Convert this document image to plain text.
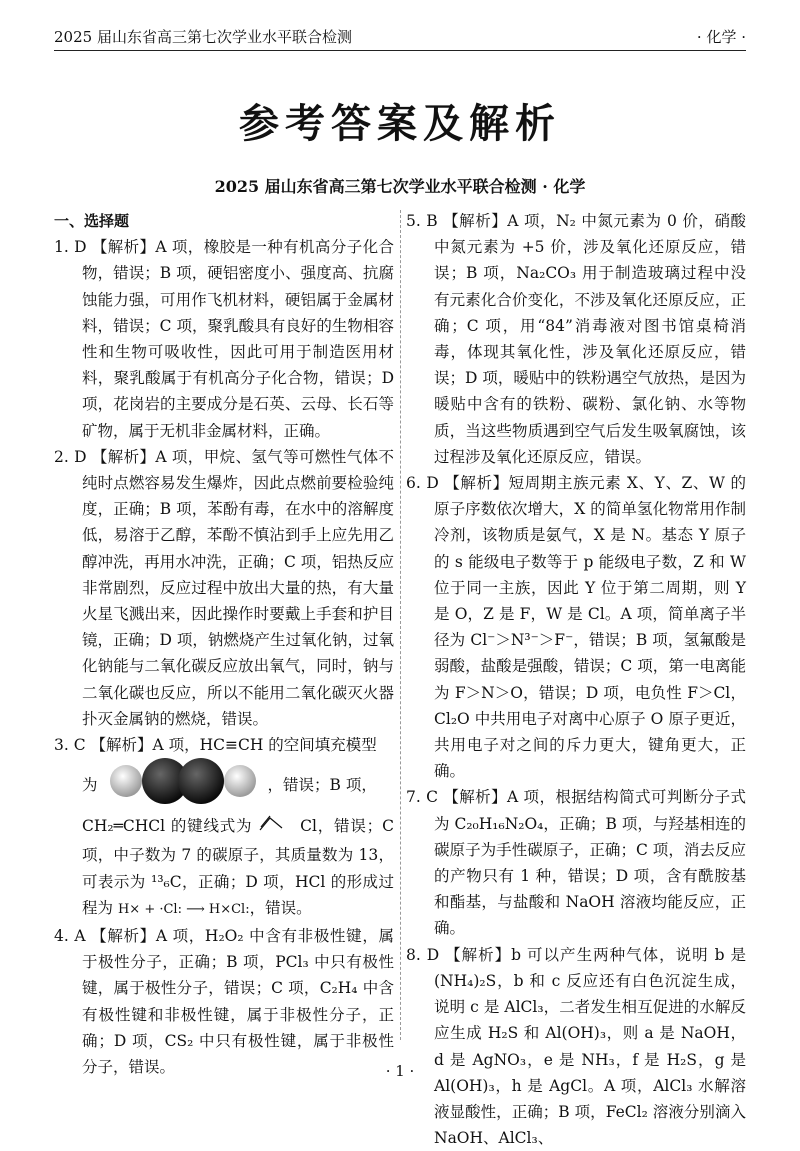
2025 届山东省高三第七次学业水平联合检测	· 化学 ·
参考答案及解析
2025 届山东省高三第七次学业水平联合检测 · 化学
一、选择题
1. D 【解析】A 项，橡胶是一种有机高分子化合物，错误；B 项，硬铝密度小、强度高、抗腐蚀能力强，可用作飞机材料，硬铝属于金属材料，错误；C 项，聚乳酸具有良好的生物相容性和生物可吸收性，因此可用于制造医用材料，聚乳酸属于有机高分子化合物，错误；D 项，花岗岩的主要成分是石英、云母、长石等矿物，属于无机非金属材料，正确。
2. D 【解析】A 项，甲烷、氢气等可燃性气体不纯时点燃容易发生爆炸，因此点燃前要检验纯度，正确；B 项，苯酚有毒，在水中的溶解度低，易溶于乙醇，苯酚不慎沾到手上应先用乙醇冲洗，再用水冲洗，正确；C 项，铝热反应非常剧烈，反应过程中放出大量的热，有大量火星飞溅出来，因此操作时要戴上手套和护目镜，正确；D 项，钠燃烧产生过氧化钠，过氧化钠能与二氧化碳反应放出氧气，同时，钠与二氧化碳也反应，所以不能用二氧化碳灭火器扑灭金属钠的燃烧，错误。
3. C 【解析】A 项，HC≡CH 的空间填充模型
为	，错误；B 项，
CH₂═CHCl 的键线式为	Cl，错误；C 项，中子数为 7 的碳原子，其质量数为 13，可表示为 ¹³₆C，正确；D 项，HCl 的形成过程为 H× + ·Cl: ⟶ H×Cl:，错误。
4. A 【解析】A 项，H₂O₂ 中含有非极性键，属于极性分子，正确；B 项，PCl₃ 中只有极性键，属于极性分子，错误；C 项，C₂H₄ 中含有极性键和非极性键，属于非极性分子，正确；D 项，CS₂ 中只有极性键，属于非极性分子，错误。
5. B 【解析】A 项，N₂ 中氮元素为 0 价，硝酸中氮元素为 +5 价，涉及氧化还原反应，错误；B 项，Na₂CO₃ 用于制造玻璃过程中没有元素化合价变化，不涉及氧化还原反应，正确；C 项，用“84”消毒液对图书馆桌椅消毒，体现其氧化性，涉及氧化还原反应，错误；D 项，暖贴中的铁粉遇空气放热，是因为暖贴中含有的铁粉、碳粉、氯化钠、水等物质，当这些物质遇到空气后发生吸氧腐蚀，该过程涉及氧化还原反应，错误。
6. D 【解析】短周期主族元素 X、Y、Z、W 的原子序数依次增大，X 的简单氢化物常用作制冷剂，该物质是氨气，X 是 N。基态 Y 原子的 s 能级电子数等于 p 能级电子数，Z 和 W 位于同一主族，因此 Y 位于第二周期，则 Y 是 O，Z 是 F，W 是 Cl。A 项，简单离子半径为 Cl⁻＞N³⁻＞F⁻，错误；B 项，氢氟酸是弱酸，盐酸是强酸，错误；C 项，第一电离能为 F＞N＞O，错误；D 项，电负性 F＞Cl，Cl₂O 中共用电子对离中心原子 O 原子更近，共用电子对之间的斥力更大，键角更大，正确。
7. C 【解析】A 项，根据结构简式可判断分子式为 C₂₀H₁₆N₂O₄，正确；B 项，与羟基相连的碳原子为手性碳原子，正确；C 项，消去反应的产物只有 1 种，错误；D 项，含有酰胺基和酯基，与盐酸和 NaOH 溶液均能反应，正确。
8. D 【解析】b 可以产生两种气体，说明 b 是 (NH₄)₂S，b 和 c 反应还有白色沉淀生成，说明 c 是 AlCl₃，二者发生相互促进的水解反应生成 H₂S 和 Al(OH)₃，则 a 是 NaOH，d 是 AgNO₃，e 是 NH₃，f 是 H₂S，g 是 Al(OH)₃，h 是 AgCl。A 项，AlCl₃ 水解溶液显酸性，正确；B 项，FeCl₂ 溶液分别滴入 NaOH、AlCl₃、
· 1 ·
